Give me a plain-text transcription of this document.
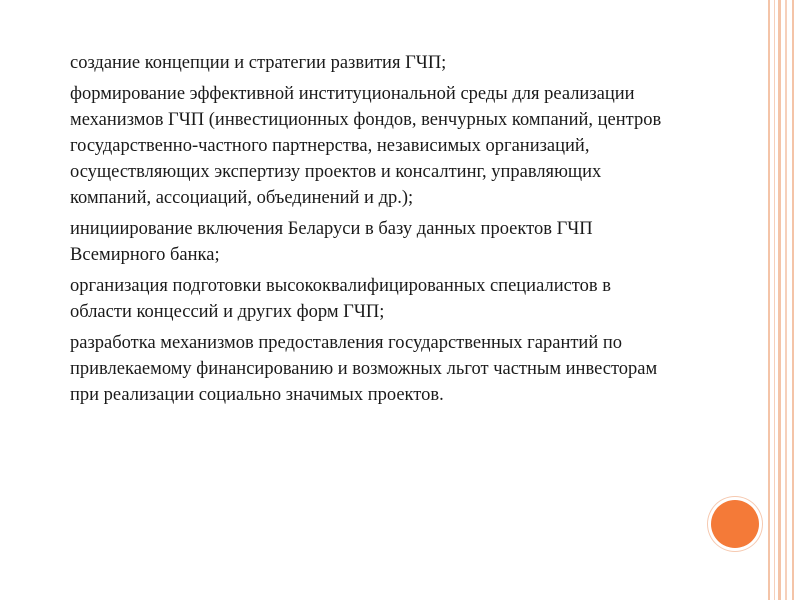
создание концепции и стратегии развития ГЧП;
формирование эффективной институциональной среды для реализации механизмов ГЧП (инвестиционных фондов, венчурных компаний, центров государственно-частного партнерства, независимых организаций, осуществляющих экспертизу проектов и консалтинг, управляющих компаний, ассоциаций, объединений и др.);
инициирование включения Беларуси в базу данных проектов ГЧП Всемирного банка;
организация подготовки высококвалифицированных специалистов в области концессий и других форм ГЧП;
разработка механизмов предоставления государственных гарантий по привлекаемому финансированию и возможных льгот частным инвесторам при реализации социально значимых проектов.
